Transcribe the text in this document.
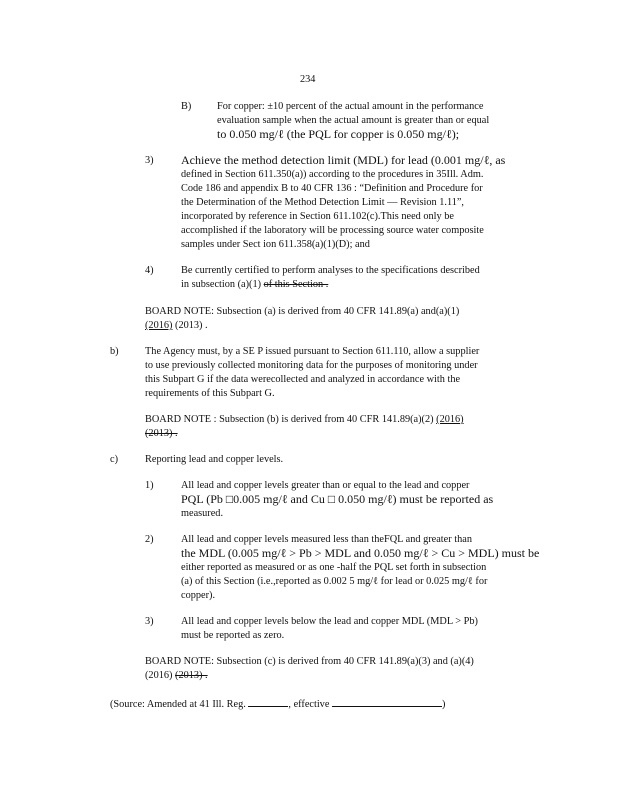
234
B) For copper: ±10 percent of the actual amount in the performance
evaluation sample when the actual amount is greater than or equal
to 0.050 mg/ℓ (the PQL for copper is 0.050 mg/ℓ);
3) Achieve the method detection limit (MDL) for lead (0.001 mg/ℓ, as
defined in Section 611.350(a)) according to the procedures in 35Ill. Adm.
Code 186 and appendix B to 40 CFR 136 : “Definition and Procedure for
the Determination of the Method Detection Limit — Revision 1.11”,
incorporated by reference in Section 611.102(c).This need only be
accomplished if the laboratory will be processing source water composite
samples under Sect ion 611.358(a)(1)(D); and
4)	Be currently certified to perform analyses to the specifications described
in subsection (a)(1) of this Section .
BOARD NOTE: Subsection (a) is derived from 40 CFR 141.89(a) and(a)(1)
(2016) (2013) .
b)	The Agency must, by a SE P issued pursuant to Section 611.110, allow a supplier
to use previously collected monitoring data for the purposes of monitoring under
this Subpart G if the data werecollected and analyzed in accordance with the
requirements of this Subpart G.
BOARD NOTE : Subsection (b) is derived from 40 CFR 141.89(a)(2) (2016)
(2013) .
c)	Reporting lead and copper levels.
1)	All lead and copper levels greater than or equal to the lead and copper
PQL (Pb □0.005 mg/ℓ and Cu □ 0.050 mg/ℓ) must be reported as
measured.
2)	All lead and copper levels measured less than theFQL and greater than
the MDL (0.005 mg/ℓ > Pb > MDL and 0.050 mg/ℓ > Cu > MDL) must be
either reported as measured or as one -half the PQL set forth in subsection
(a) of this Section (i.e.,reported as 0.002 5 mg/ℓ for lead or 0.025 mg/ℓ for
copper).
3)	All lead and copper levels below the lead and copper MDL (MDL > Pb)
must be reported as zero.
BOARD NOTE: Subsection (c) is derived from 40 CFR 141.89(a)(3) and (a)(4)
(2016) (2013) .
(Source: Amended at 41 Ill. Reg.	, effective	)
